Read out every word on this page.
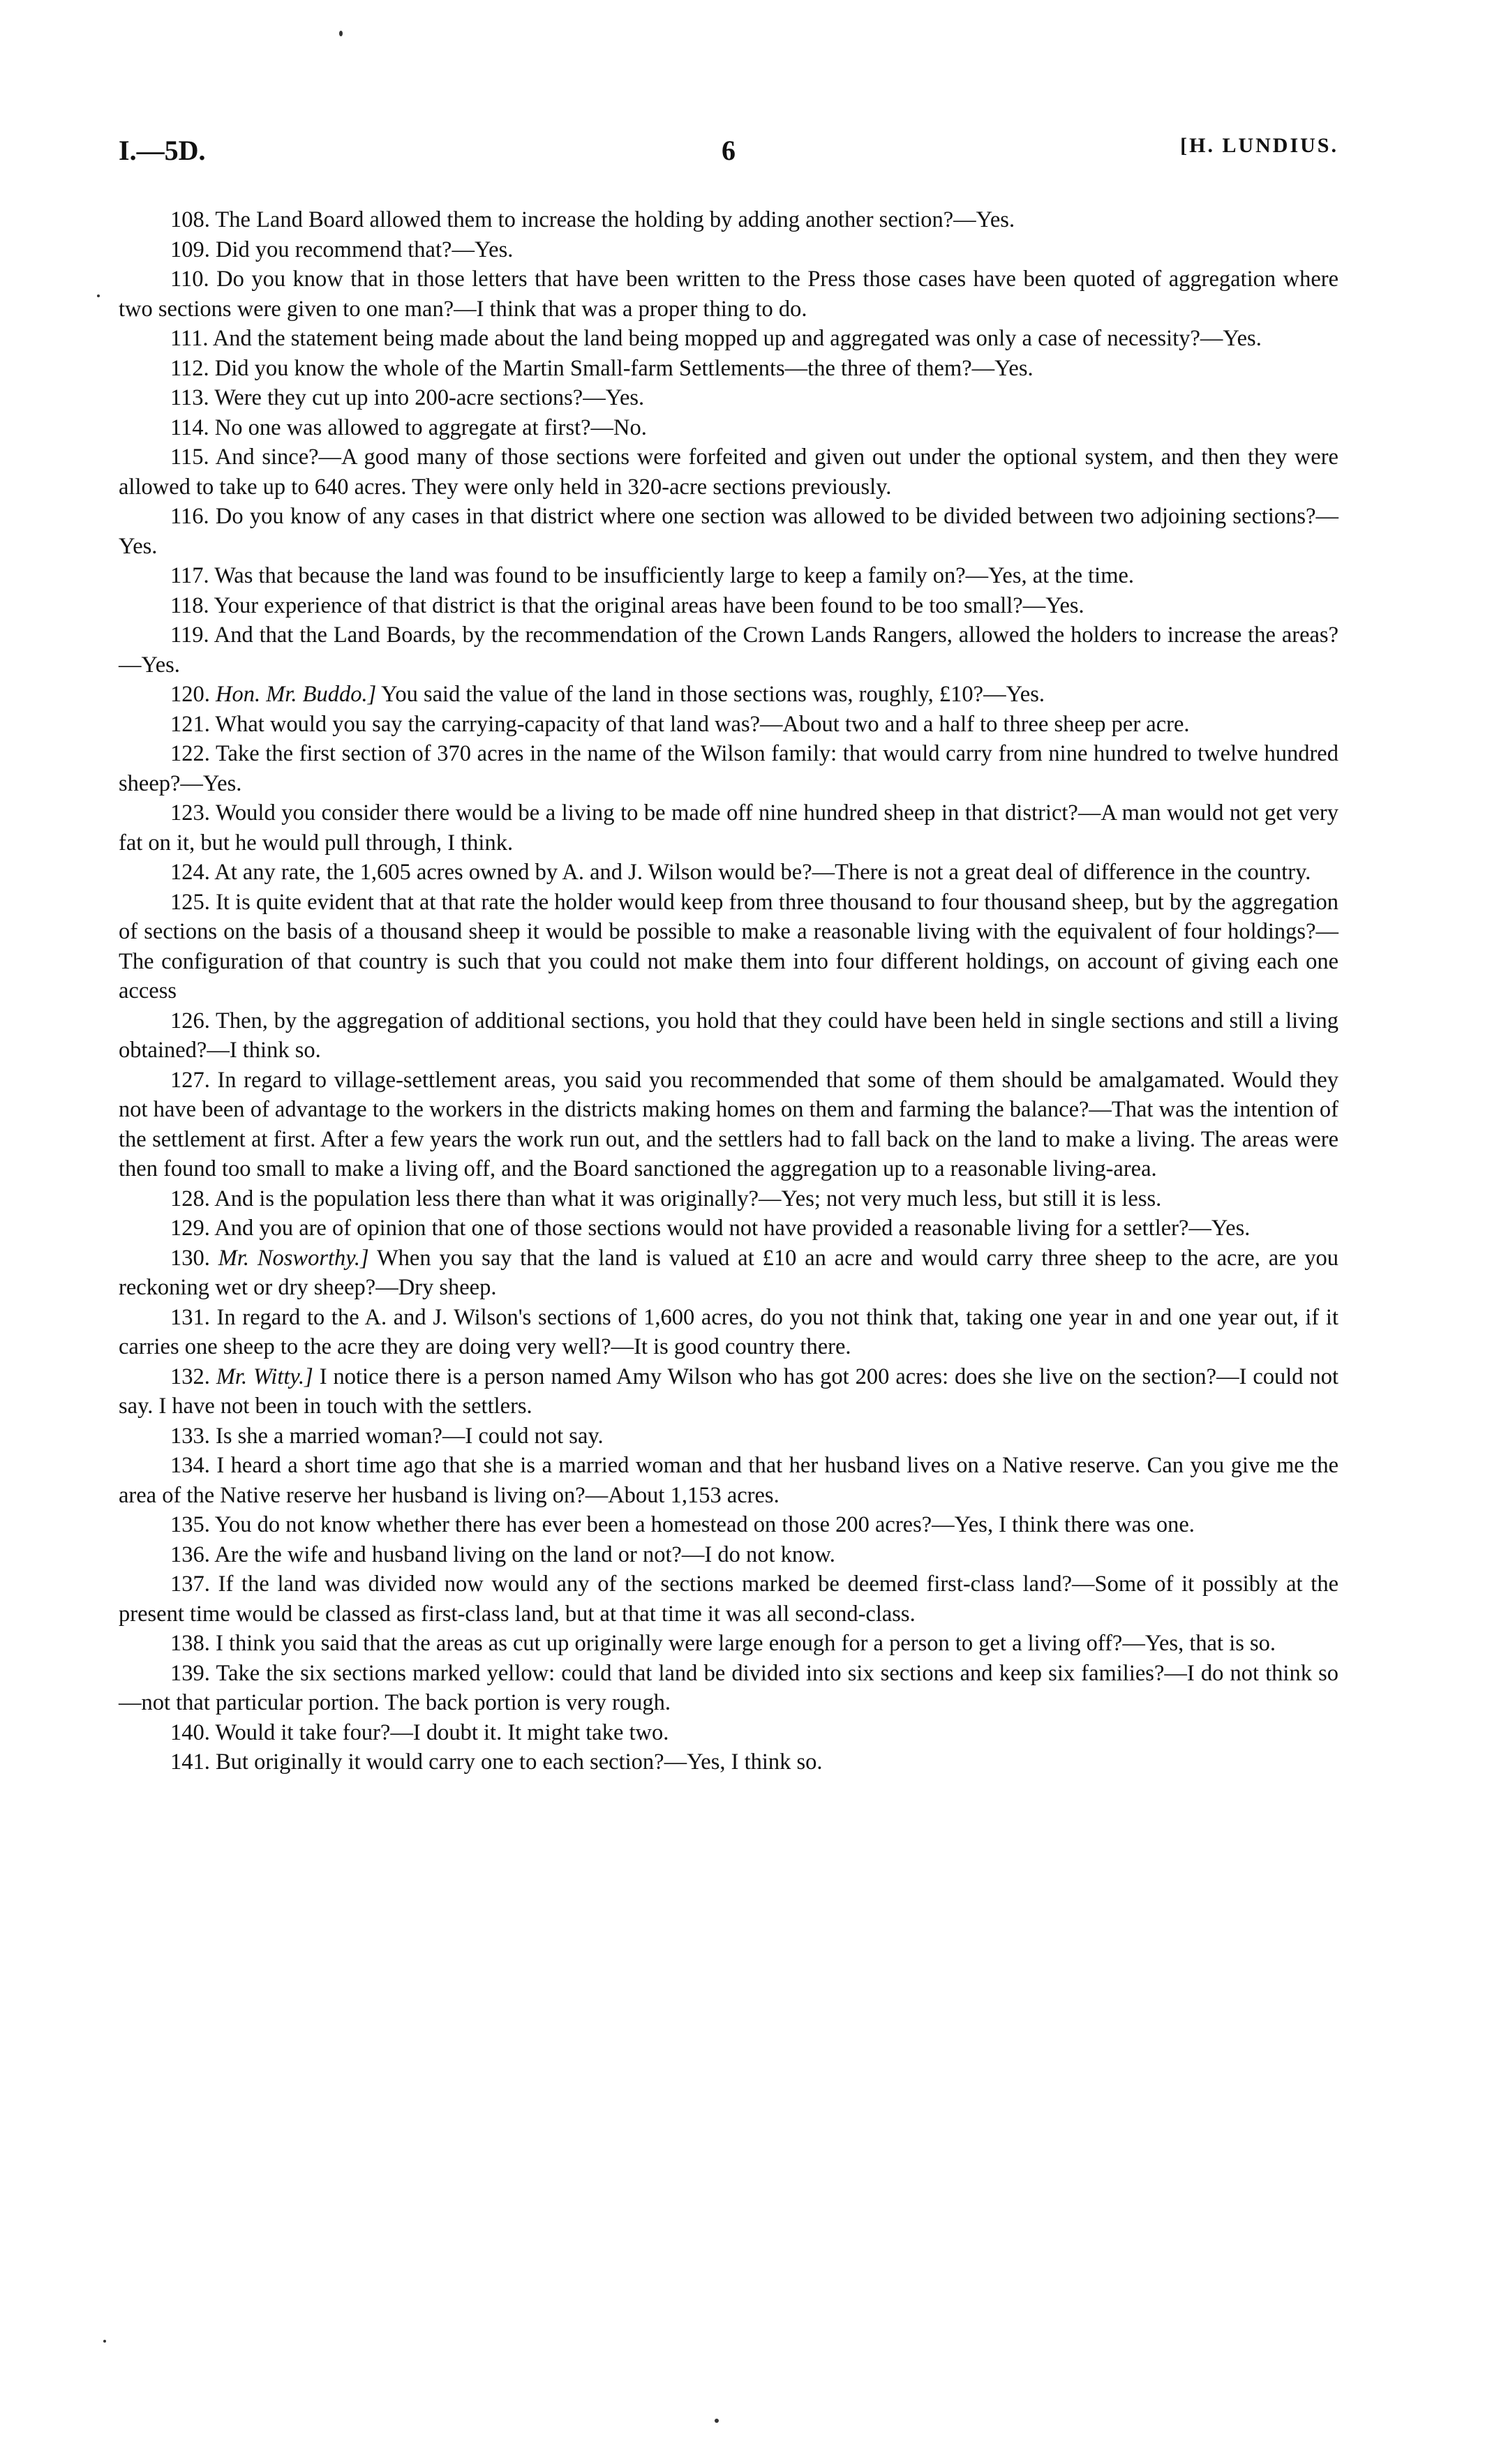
I.—5D.	6	[H. LUNDIUS.

108. The Land Board allowed them to increase the holding by adding another section?—Yes.

109. Did you recommend that?—Yes.

110. Do you know that in those letters that have been written to the Press those cases have been quoted of aggregation where two sections were given to one man?—I think that was a proper thing to do.

111. And the statement being made about the land being mopped up and aggregated was only a case of necessity?—Yes.

112. Did you know the whole of the Martin Small-farm Settlements—the three of them?—Yes.

113. Were they cut up into 200-acre sections?—Yes.

114. No one was allowed to aggregate at first?—No.

115. And since?—A good many of those sections were forfeited and given out under the optional system, and then they were allowed to take up to 640 acres. They were only held in 320-acre sections previously.

116. Do you know of any cases in that district where one section was allowed to be divided between two adjoining sections?—Yes.

117. Was that because the land was found to be insufficiently large to keep a family on?—Yes, at the time.

118. Your experience of that district is that the original areas have been found to be too small?—Yes.

119. And that the Land Boards, by the recommendation of the Crown Lands Rangers, allowed the holders to increase the areas?—Yes.

120. Hon. Mr. Buddo.] You said the value of the land in those sections was, roughly, £10?—Yes.

121. What would you say the carrying-capacity of that land was?—About two and a half to three sheep per acre.

122. Take the first section of 370 acres in the name of the Wilson family: that would carry from nine hundred to twelve hundred sheep?—Yes.

123. Would you consider there would be a living to be made off nine hundred sheep in that district?—A man would not get very fat on it, but he would pull through, I think.

124. At any rate, the 1,605 acres owned by A. and J. Wilson would be?—There is not a great deal of difference in the country.

125. It is quite evident that at that rate the holder would keep from three thousand to four thousand sheep, but by the aggregation of sections on the basis of a thousand sheep it would be possible to make a reasonable living with the equivalent of four holdings?—The configuration of that country is such that you could not make them into four different holdings, on account of giving each one access

126. Then, by the aggregation of additional sections, you hold that they could have been held in single sections and still a living obtained?—I think so.

127. In regard to village-settlement areas, you said you recommended that some of them should be amalgamated. Would they not have been of advantage to the workers in the districts making homes on them and farming the balance?—That was the intention of the settlement at first. After a few years the work run out, and the settlers had to fall back on the land to make a living. The areas were then found too small to make a living off, and the Board sanctioned the aggregation up to a reasonable living-area.

128. And is the population less there than what it was originally?—Yes; not very much less, but still it is less.

129. And you are of opinion that one of those sections would not have provided a reasonable living for a settler?—Yes.

130. Mr. Nosworthy.] When you say that the land is valued at £10 an acre and would carry three sheep to the acre, are you reckoning wet or dry sheep?—Dry sheep.

131. In regard to the A. and J. Wilson's sections of 1,600 acres, do you not think that, taking one year in and one year out, if it carries one sheep to the acre they are doing very well?—It is good country there.

132. Mr. Witty.] I notice there is a person named Amy Wilson who has got 200 acres: does she live on the section?—I could not say. I have not been in touch with the settlers.

133. Is she a married woman?—I could not say.

134. I heard a short time ago that she is a married woman and that her husband lives on a Native reserve. Can you give me the area of the Native reserve her husband is living on?—About 1,153 acres.

135. You do not know whether there has ever been a homestead on those 200 acres?—Yes, I think there was one.

136. Are the wife and husband living on the land or not?—I do not know.

137. If the land was divided now would any of the sections marked be deemed first-class land?—Some of it possibly at the present time would be classed as first-class land, but at that time it was all second-class.

138. I think you said that the areas as cut up originally were large enough for a person to get a living off?—Yes, that is so.

139. Take the six sections marked yellow: could that land be divided into six sections and keep six families?—I do not think so—not that particular portion. The back portion is very rough.

140. Would it take four?—I doubt it. It might take two.

141. But originally it would carry one to each section?—Yes, I think so.
